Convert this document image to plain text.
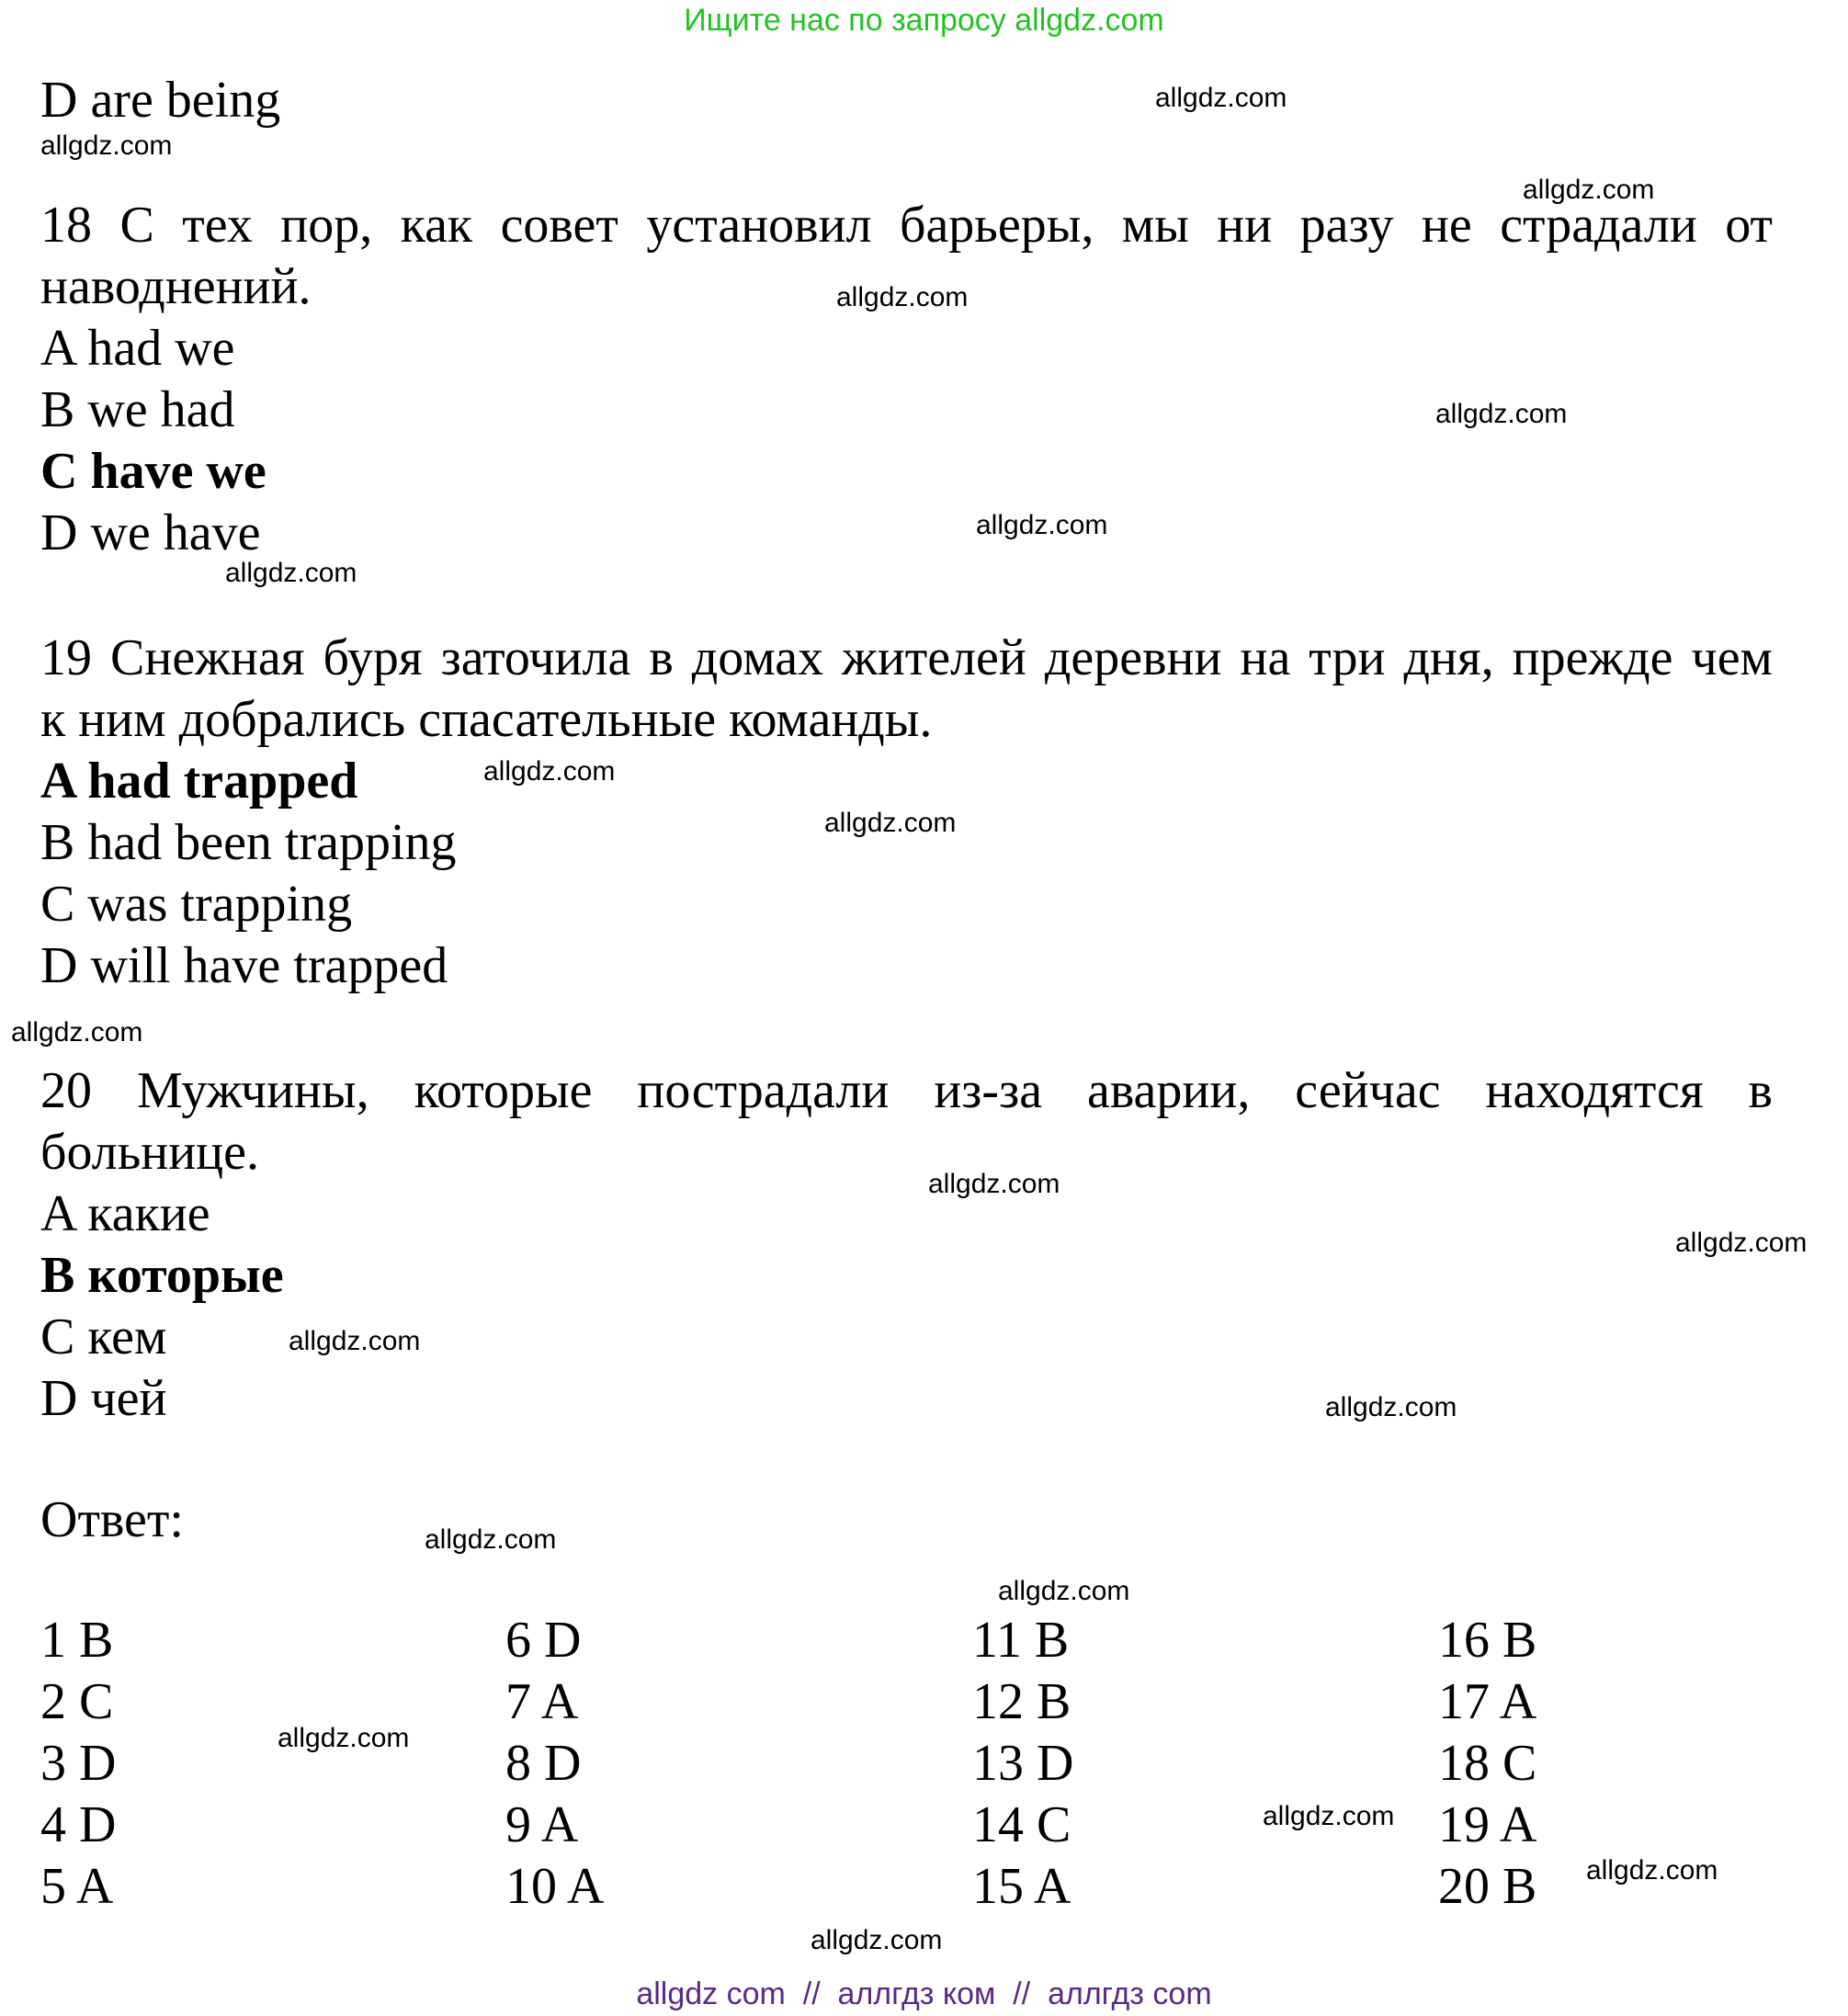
Ищите нас по запросу allgdz.com
D are being
18 С тех пор, как совет установил барьеры, мы ни разу не страдали от
наводнений.
A had we
B we had
C have we
D we have
19 Снежная буря заточила в домах жителей деревни на три дня, прежде чем
к ним добрались спасательные команды.
A had trapped
B had been trapping
C was trapping
D will have trapped
20 Мужчины, которые пострадали из-за аварии, сейчас находятся в
больнице.
A какие
B которые
C кем
D чей
Ответ:
1 B
2 C
3 D
4 D
5 A
6 D
7 A
8 D
9 A
10 A
11 B
12 B
13 D
14 C
15 A
16 B
17 A
18 C
19 A
20 B
allgdz.com
allgdz.com
allgdz.com
allgdz.com
allgdz.com
allgdz.com
allgdz.com
allgdz.com
allgdz.com
allgdz.com
allgdz.com
allgdz.com
allgdz.com
allgdz.com
allgdz.com
allgdz.com
allgdz.com
allgdz.com
allgdz.com
allgdz.com
allgdz com  //  аллгдз ком  //  аллгдз com
